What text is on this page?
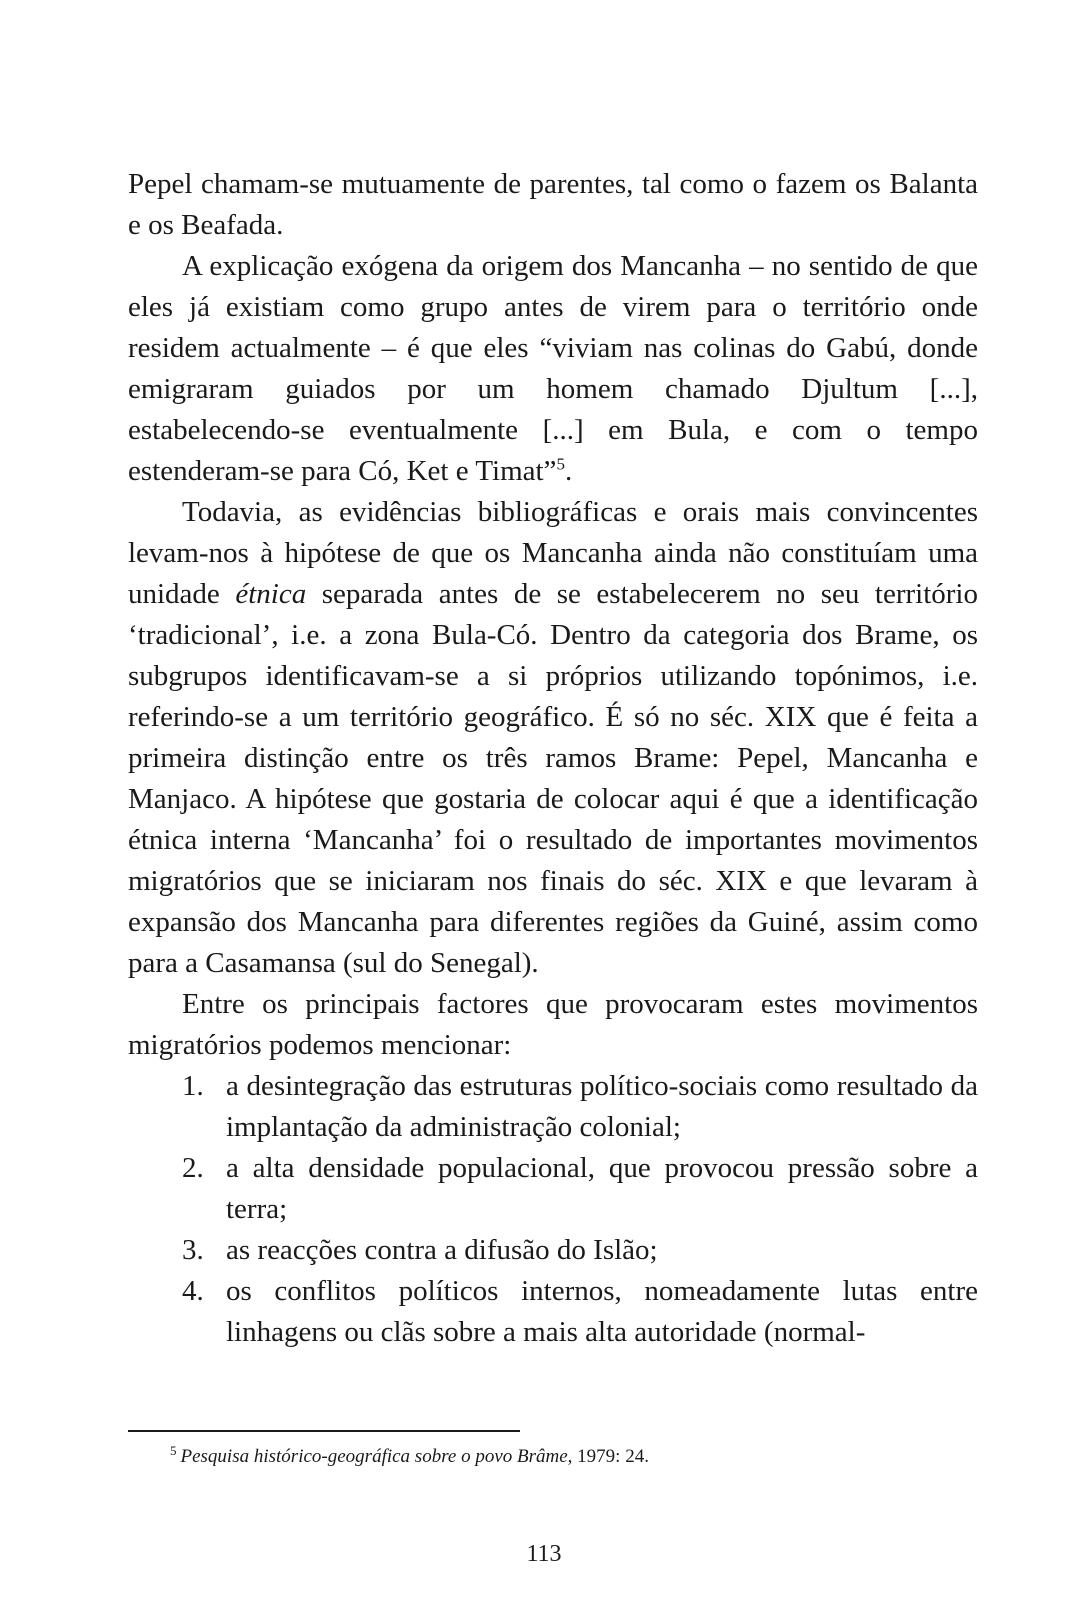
Pepel chamam-se mutuamente de parentes, tal como o fazem os Balanta e os Beafada.

A explicação exógena da origem dos Mancanha – no sentido de que eles já existiam como grupo antes de virem para o território onde residem actualmente – é que eles “viviam nas colinas do Gabú, donde emigraram guiados por um homem chamado Djultum [...], estabelecendo-se eventualmente [...] em Bula, e com o tempo estenderam-se para Có, Ket e Timat”$^5$.

Todavia, as evidências bibliográficas e orais mais convincentes levam-nos à hipótese de que os Mancanha ainda não constituíam uma unidade étnica separada antes de se estabelecerem no seu território ‘tradicional’, i.e. a zona Bula-Có. Dentro da categoria dos Brame, os subgrupos identificavam-se a si próprios utilizando topónimos, i.e. referindo-se a um território geográfico. É só no séc. XIX que é feita a primeira distinção entre os três ramos Brame: Pepel, Mancanha e Manjaco. A hipótese que gostaria de colocar aqui é que a identificação étnica interna ‘Mancanha’ foi o resultado de importantes movimentos migratórios que se iniciaram nos finais do séc. XIX e que levaram à expansão dos Mancanha para diferentes regiões da Guiné, assim como para a Casamansa (sul do Senegal).

Entre os principais factores que provocaram estes movimentos migratórios podemos mencionar:

1. a desintegração das estruturas político-sociais como resultado da implantação da administração colonial;
2. a alta densidade populacional, que provocou pressão sobre a terra;
3. as reacções contra a difusão do Islão;
4. os conflitos políticos internos, nomeadamente lutas entre linhagens ou clãs sobre a mais alta autoridade (normal-
$^5$ Pesquisa histórico-geográfica sobre o povo Brâme, 1979: 24.
113
